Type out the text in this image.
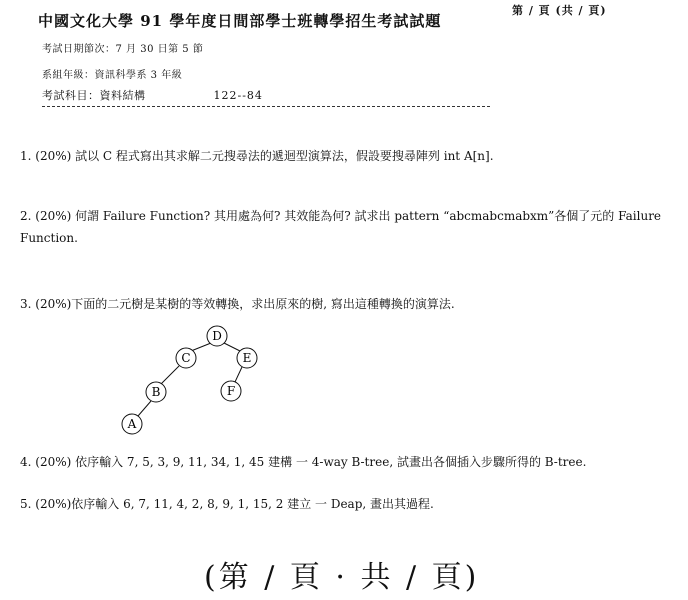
中國文化大學 91 學年度日間部學士班轉學招生考試試題
第 / 頁 (共 / 頁)
考試日期節次：7 月 30 日第 5 節
系組年級：資訊科學系 3 年級
考試科目：資料結構	122--84
1. (20%) 試以 C 程式寫出其求解二元搜尋法的遞迴型演算法，假設要搜尋陣列 int A[n].
2. (20%) 何謂 Failure Function? 其用處為何? 其效能為何? 試求出 pattern “abcmabcmabxm”各個了元的 Failure Function.
3. (20%)下面的二元樹是某樹的等效轉換，求出原來的樹, 寫出這種轉換的演算法.
D
C	E
B	F
A
4. (20%) 依序輸入 7, 5, 3, 9, 11, 34, 1, 45 建構 一 4-way B-tree, 試畫出各個插入步驟所得的 B-tree.
5. (20%)依序輸入 6, 7, 11, 4, 2, 8, 9, 1, 15, 2 建立 一 Deap, 畫出其過程.
(第 / 頁 · 共 / 頁)
